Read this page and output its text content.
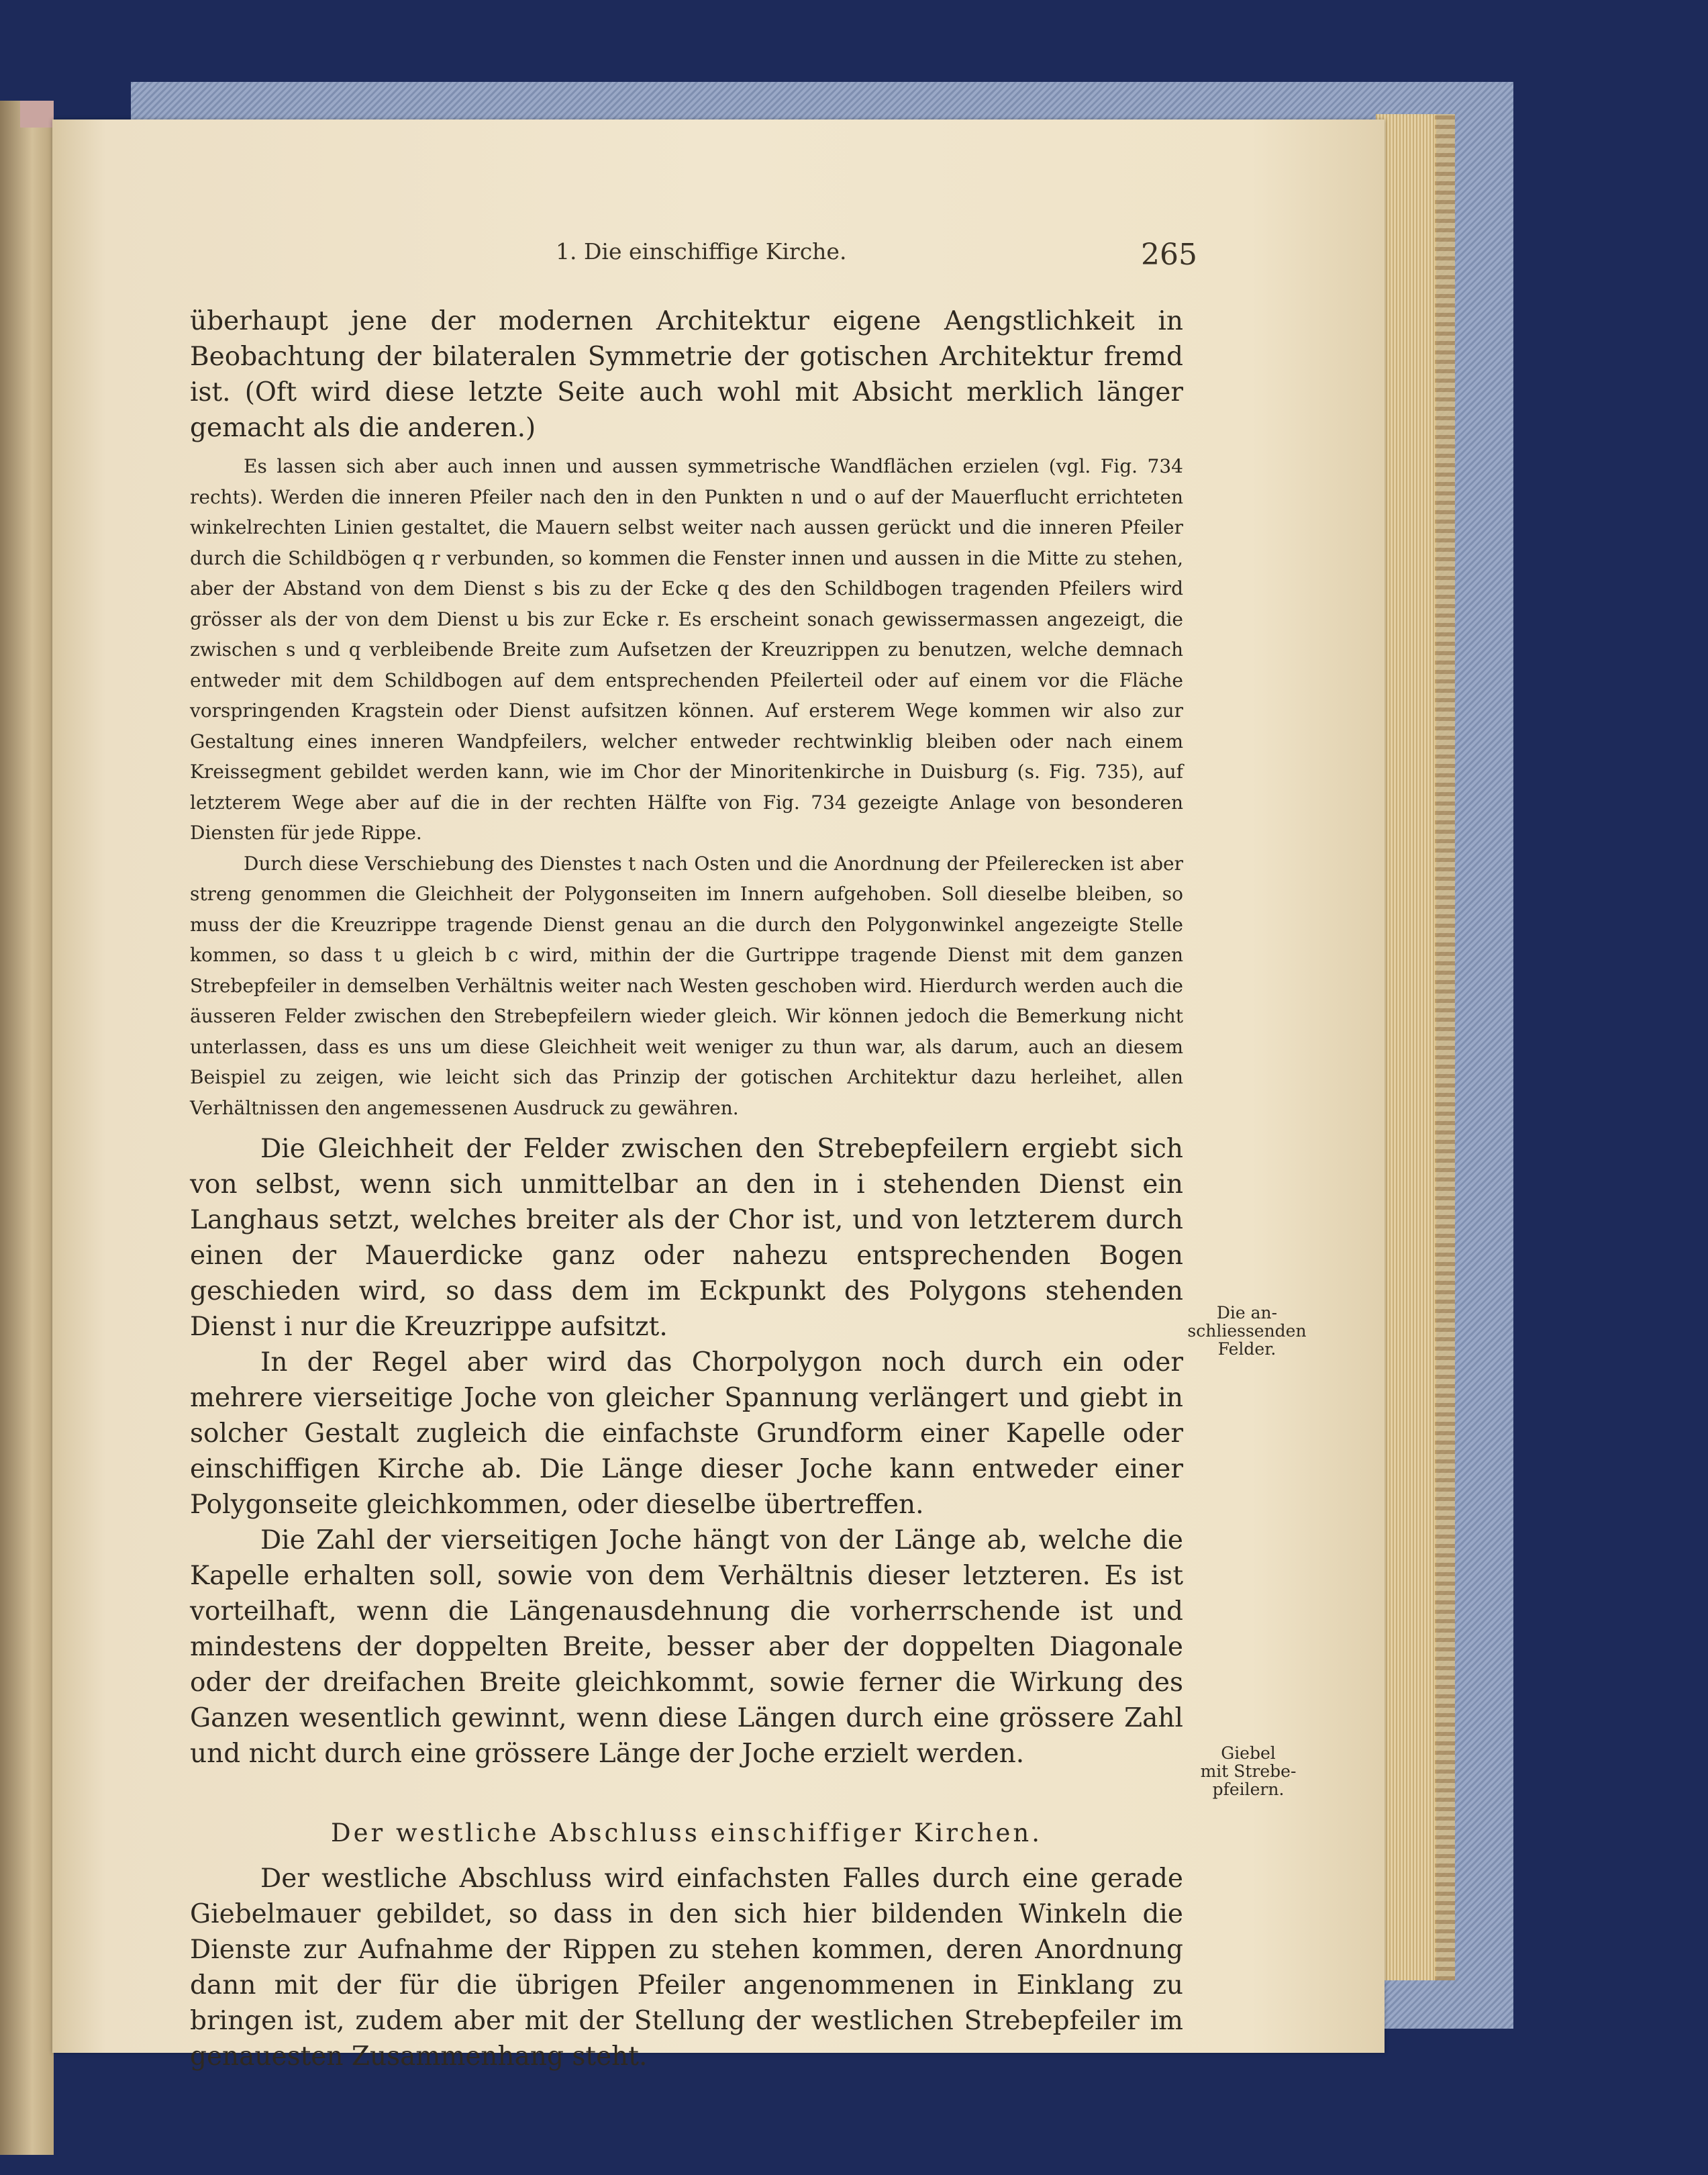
1. Die einschiffige Kirche.	265

überhaupt jene der modernen Architektur eigene Aengstlichkeit in Beobachtung der bilateralen Symmetrie der gotischen Architektur fremd ist. (Oft wird diese letzte Seite auch wohl mit Absicht merklich länger gemacht als die anderen.)

Es lassen sich aber auch innen und aussen symmetrische Wandflächen erzielen (vgl. Fig. 734 rechts). Werden die inneren Pfeiler nach den in den Punkten n und o auf der Mauerflucht errichteten winkelrechten Linien gestaltet, die Mauern selbst weiter nach aussen gerückt und die inneren Pfeiler durch die Schildbögen q r verbunden, so kommen die Fenster innen und aussen in die Mitte zu stehen, aber der Abstand von dem Dienst s bis zu der Ecke q des den Schildbogen tragenden Pfeilers wird grösser als der von dem Dienst u bis zur Ecke r. Es erscheint sonach gewissermassen angezeigt, die zwischen s und q verbleibende Breite zum Aufsetzen der Kreuzrippen zu benutzen, welche demnach entweder mit dem Schildbogen auf dem entsprechenden Pfeilerteil oder auf einem vor die Fläche vorspringenden Kragstein oder Dienst aufsitzen können. Auf ersterem Wege kommen wir also zur Gestaltung eines inneren Wandpfeilers, welcher entweder rechtwinklig bleiben oder nach einem Kreissegment gebildet werden kann, wie im Chor der Minoritenkirche in Duisburg (s. Fig. 735), auf letzterem Wege aber auf die in der rechten Hälfte von Fig. 734 gezeigte Anlage von besonderen Diensten für jede Rippe.

Durch diese Verschiebung des Dienstes t nach Osten und die Anordnung der Pfeilerecken ist aber streng genommen die Gleichheit der Polygonseiten im Innern aufgehoben. Soll dieselbe bleiben, so muss der die Kreuzrippe tragende Dienst genau an die durch den Polygonwinkel angezeigte Stelle kommen, so dass t u gleich b c wird, mithin der die Gurtrippe tragende Dienst mit dem ganzen Strebepfeiler in demselben Verhältnis weiter nach Westen geschoben wird. Hierdurch werden auch die äusseren Felder zwischen den Strebepfeilern wieder gleich. Wir können jedoch die Bemerkung nicht unterlassen, dass es uns um diese Gleichheit weit weniger zu thun war, als darum, auch an diesem Beispiel zu zeigen, wie leicht sich das Prinzip der gotischen Architektur dazu herleihet, allen Verhältnissen den angemessenen Ausdruck zu gewähren.

Die Gleichheit der Felder zwischen den Strebepfeilern ergiebt sich von selbst, wenn sich unmittelbar an den in i stehenden Dienst ein Langhaus setzt, welches breiter als der Chor ist, und von letzterem durch einen der Mauerdicke ganz oder nahezu entsprechenden Bogen geschieden wird, so dass dem im Eckpunkt des Polygons stehenden Dienst i nur die Kreuzrippe aufsitzt.

In der Regel aber wird das Chorpolygon noch durch ein oder mehrere vierseitige Joche von gleicher Spannung verlängert und giebt in solcher Gestalt zugleich die einfachste Grundform einer Kapelle oder einschiffigen Kirche ab. Die Länge dieser Joche kann entweder einer Polygonseite gleichkommen, oder dieselbe übertreffen.

Die Zahl der vierseitigen Joche hängt von der Länge ab, welche die Kapelle erhalten soll, sowie von dem Verhältnis dieser letzteren. Es ist vorteilhaft, wenn die Längenausdehnung die vorherrschende ist und mindestens der doppelten Breite, besser aber der doppelten Diagonale oder der dreifachen Breite gleichkommt, sowie ferner die Wirkung des Ganzen wesentlich gewinnt, wenn diese Längen durch eine grössere Zahl und nicht durch eine grössere Länge der Joche erzielt werden.

Der westliche Abschluss einschiffiger Kirchen.

Der westliche Abschluss wird einfachsten Falles durch eine gerade Giebelmauer gebildet, so dass in den sich hier bildenden Winkeln die Dienste zur Aufnahme der Rippen zu stehen kommen, deren Anordnung dann mit der für die übrigen Pfeiler angenommenen in Einklang zu bringen ist, zudem aber mit der Stellung der westlichen Strebepfeiler im genauesten Zusammenhang steht.

Die an-
schliessenden
Felder.
Giebel
mit Strebe-
pfeilern.
